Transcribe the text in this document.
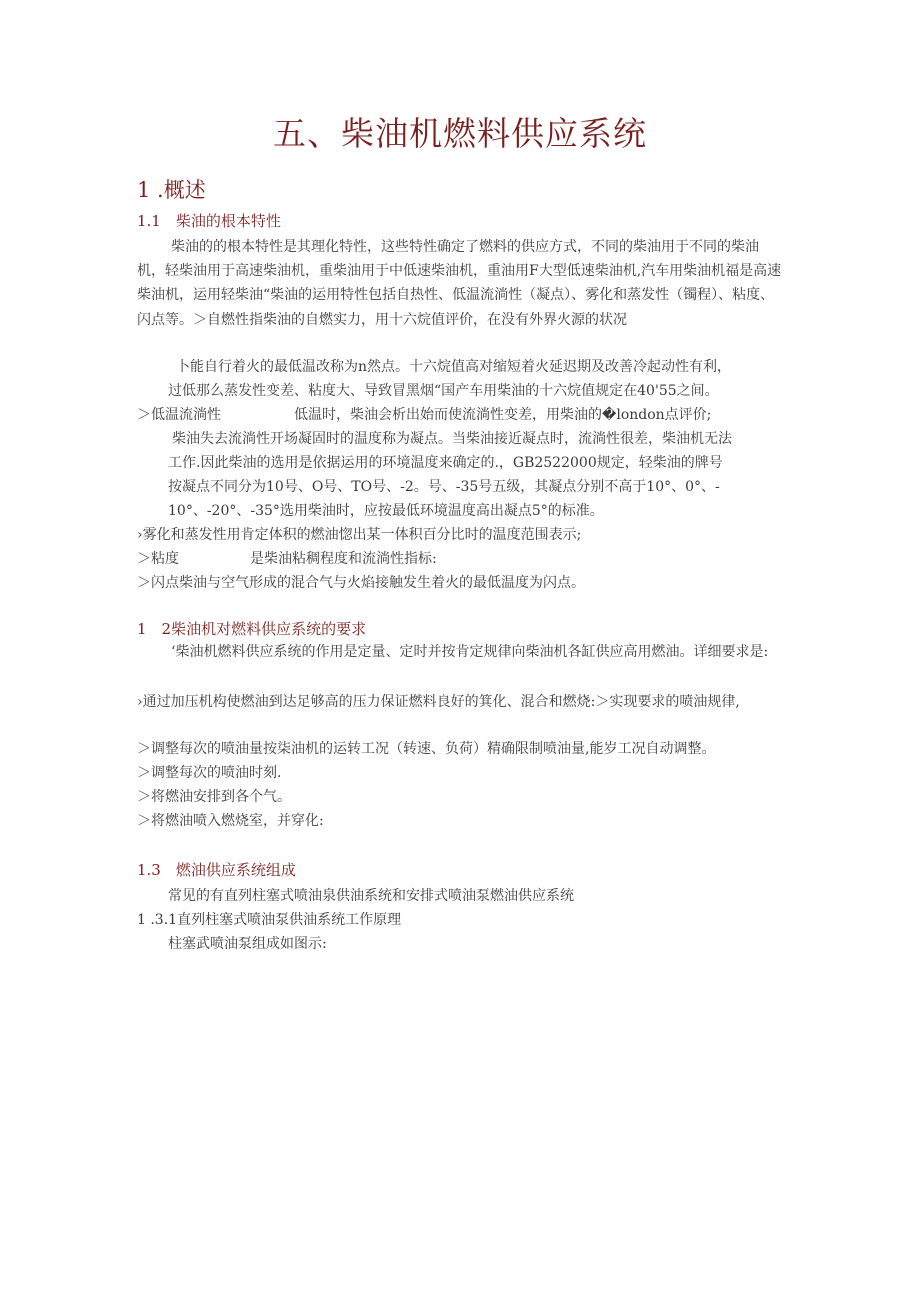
五、柴油机燃料供应系统
1 .概述
1.1　柴油的根本特性
柴油的的根本特性是其理化特性，这些特性确定了燃料的供应方式，不同的柴油用于不同的柴油机，轻柴油用于高速柴油机，重柴油用于中低速柴油机，重油用F大型低速柴油机,汽车用柴油机福是高速柴油机，运用轻柴油“柴油的运用特性包括自热性、低温流淌性（凝点）、雾化和蒸发性（镯程）、粘度、闪点等。＞自燃性指柴油的自燃实力，用十六烷值评价，在没有外界火源的状况
卜能自行着火的最低温改称为n然点。十六烷值高对缩短着火延迟期及改善冷起动性有利，
过低那么蒸发性变差、粘度大、导致冒黑烟“国产车用柴油的十六烷值规定在40'55之间。
＞低温流淌性	低温时，柴油会析出始而使流淌性变差，用柴油的�london点评价;
柴油失去流淌性开场凝固时的温度称为凝点。当柴油接近凝点时，流淌性很差，柴油机无法
工作.因此柴油的选用是依据运用的环境温度来确定的.，GB2522000规定，轻柴油的牌号
按凝点不同分为10号、O号、TO号、-2。号、-35号五级，其凝点分别不高于10°、0°、-
10°、-20°、-35°选用柴油时，应按最低环境温度高出凝点5°的标准。
›雾化和蒸发性用肯定体积的燃油惚出某一体积百分比时的温度范围表示;
＞粘度	是柴油粘稠程度和流淌性指标:
＞闪点柴油与空气形成的混合气与火焰接触发生着火的最低温度为闪点。
1　2柴油机对燃料供应系统的要求
‘柴油机燃料供应系统的作用是定量、定时并按肯定规律向柴油机各缸供应高用燃油。详细要求是:
›通过加压机构使燃油到达足够高的压力保证燃料良好的箕化、混合和燃烧:＞实现要求的喷油规律,
＞调整每次的喷油量按柒油机的运转工况（转速、负荷）精确限制喷油量,能岁工况自动调整。
＞调整每次的喷油时刻.
＞将燃油安排到各个气。
＞将燃油喷入燃烧室，并穿化:
1.3　燃油供应系统组成
常见的有直列柱塞式喷油泉供油系统和安排式喷油泵燃油供应系统
1 .3.1直列柱塞式喷油泵供油系统工作原理
柱塞武喷油泵组成如图示:
